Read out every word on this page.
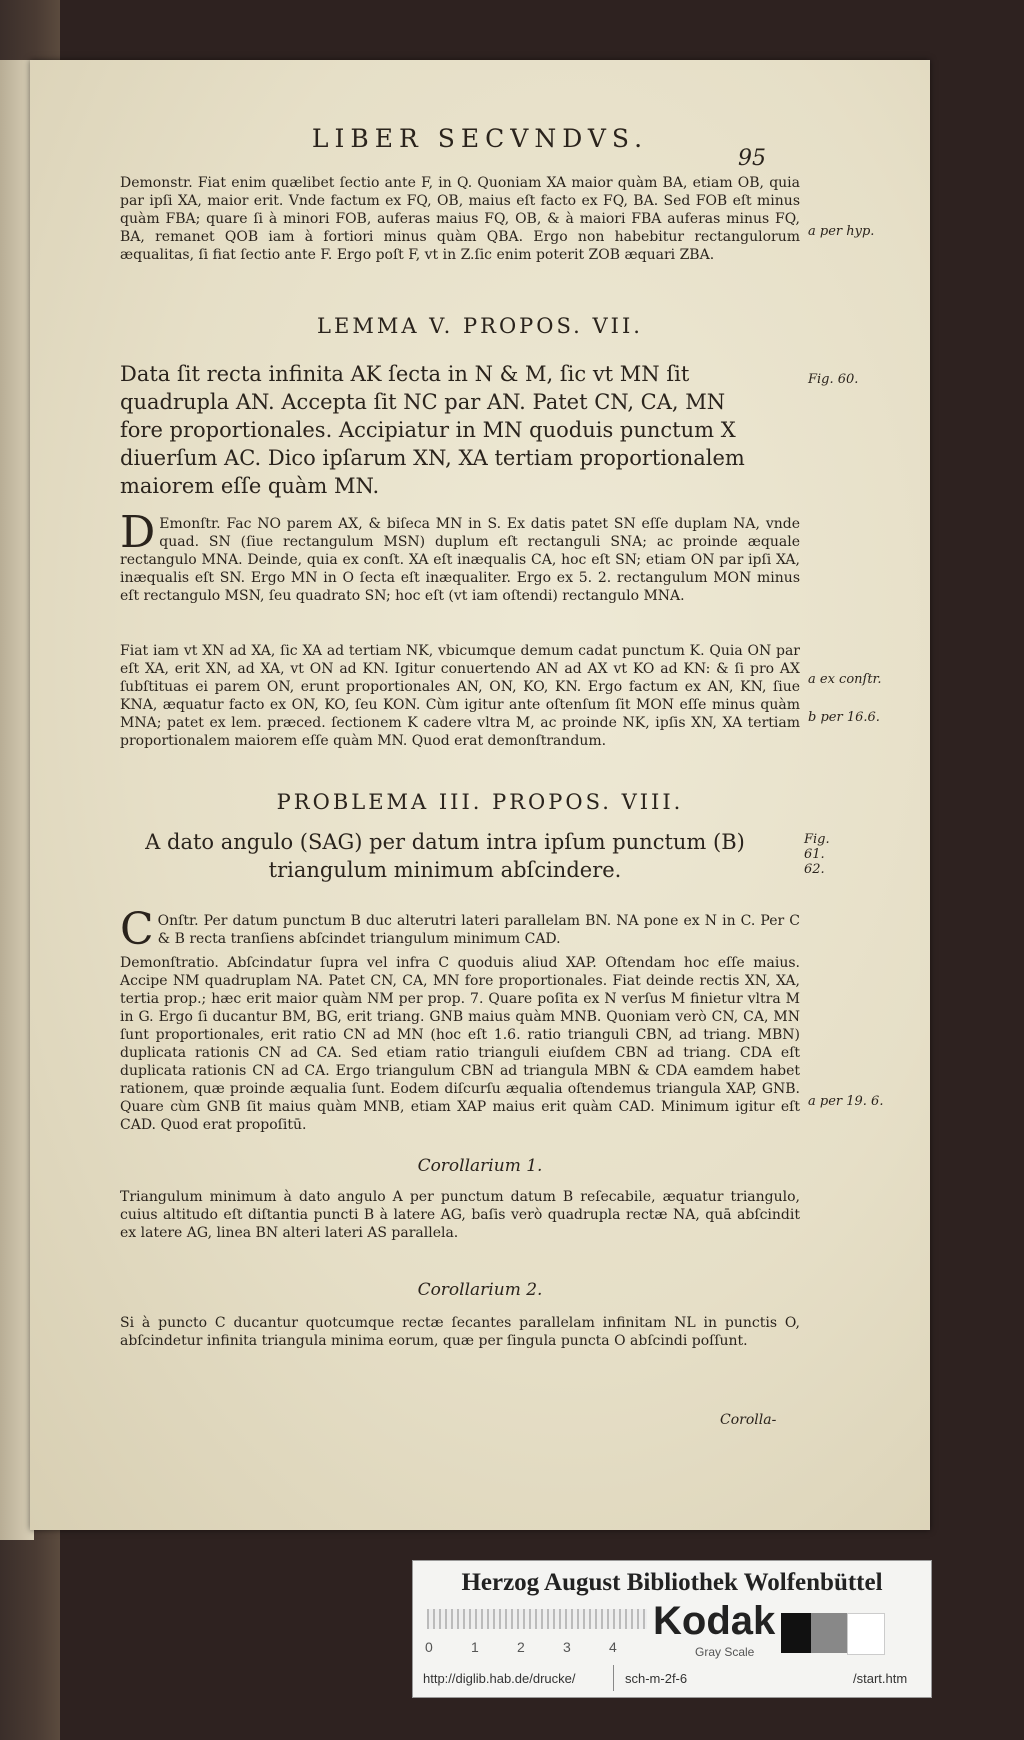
LIBER SECVNDVS.
95
Demonstr. Fiat enim quælibet ſectio ante F, in Q. Quoniam XA maior quàm BA, etiam OB, quia par ipſi XA, maior erit. Vnde factum ex FQ, OB, maius eſt facto ex FQ, BA. Sed FOB eſt minus quàm FBA; quare ſi à minori FOB, auferas maius FQ, OB, & à maiori FBA auferas minus FQ, BA, remanet QOB iam à fortiori minus quàm QBA. Ergo non habebitur rectangulorum æqualitas, ſi fiat ſectio ante F. Ergo poſt F, vt in Z.ſic enim poterit ZOB æquari ZBA.
a per hyp.
LEMMA V. PROPOS. VII.
Data ſit recta infinita AK ſecta in N & M, ſic vt MN ſit quadrupla AN. Accepta ſit NC par AN. Patet CN, CA, MN fore proportionales. Accipiatur in MN quoduis punctum X diuerſum AC. Dico ipſarum XN, XA tertiam proportionalem maiorem eſſe quàm MN.
Fig. 60.
D Emonſtr. Fac NO parem AX, & biſeca MN in S. Ex datis patet SN eſſe duplam NA, vnde quad. SN (ſiue rectangulum MSN) duplum eſt rectanguli SNA; ac proinde æquale rectangulo MNA. Deinde, quia ex conſt. XA eſt inæqualis CA, hoc eſt SN; etiam ON par ipſi XA, inæqualis eſt SN. Ergo MN in O ſecta eſt inæqualiter. Ergo ex 5. 2. rectangulum MON minus eſt rectangulo MSN, ſeu quadrato SN; hoc eſt (vt iam oſtendi) rectangulo MNA.
Fiat iam vt XN ad XA, ſic XA ad tertiam NK, vbicumque demum cadat punctum K. Quia ON par eſt XA, erit XN, ad XA, vt ON ad KN. Igitur conuertendo AN ad AX vt KO ad KN: & ſi pro AX ſubſtituas ei parem ON, erunt proportionales AN, ON, KO, KN. Ergo factum ex AN, KN, ſiue KNA, æquatur facto ex ON, KO, ſeu KON. Cùm igitur ante oſtenſum ſit MON eſſe minus quàm MNA; patet ex lem. præced. ſectionem K cadere vltra M, ac proinde NK, ipſis XN, XA tertiam proportionalem maiorem eſſe quàm MN. Quod erat demonſtrandum.
a ex conſtr.
b per 16.6.
PROBLEMA III. PROPOS. VIII.
A dato angulo (SAG) per datum intra ipſum punctum (B) triangulum minimum abſcindere.
Fig. 61. 62.
C Onſtr. Per datum punctum B duc alterutri lateri parallelam BN. NA pone ex N in C. Per C & B recta tranſiens abſcindet triangulum minimum CAD.
Demonſtratio. Abſcindatur ſupra vel infra C quoduis aliud XAP. Oſtendam hoc eſſe maius. Accipe NM quadruplam NA. Patet CN, CA, MN fore proportionales. Fiat deinde rectis XN, XA, tertia prop.; hæc erit maior quàm NM per prop. 7. Quare poſita ex N verſus M finietur vltra M in G. Ergo ſi ducantur BM, BG, erit triang. GNB maius quàm MNB. Quoniam verò CN, CA, MN ſunt proportionales, erit ratio CN ad MN (hoc eſt 1.6. ratio trianguli CBN, ad triang. MBN) duplicata rationis CN ad CA. Sed etiam ratio trianguli eiuſdem CBN ad triang. CDA eſt duplicata rationis CN ad CA. Ergo triangulum CBN ad triangula MBN & CDA eamdem habet rationem, quæ proinde æqualia ſunt. Eodem diſcurſu æqualia oſtendemus triangula XAP, GNB. Quare cùm GNB ſit maius quàm MNB, etiam XAP maius erit quàm CAD. Minimum igitur eſt CAD. Quod erat propoſitū.
a per 19. 6.
Corollarium 1.
Triangulum minimum à dato angulo A per punctum datum B reſecabile, æquatur triangulo, cuius altitudo eſt diſtantia puncti B à latere AG, baſis verò quadrupla rectæ NA, quā abſcindit ex latere AG, linea BN alteri lateri AS parallela.
Corollarium 2.
Si à puncto C ducantur quotcumque rectæ ſecantes parallelam infinitam NL in punctis O, abſcindetur infinita triangula minima eorum, quæ per ſingula puncta O abſcindi poſſunt.
Corolla-
Herzog August Bibliothek Wolfenbüttel
0	1	2	3	4
Kodak
Gray Scale
http://diglib.hab.de/drucke/	sch-m-2f-6	/start.htm
